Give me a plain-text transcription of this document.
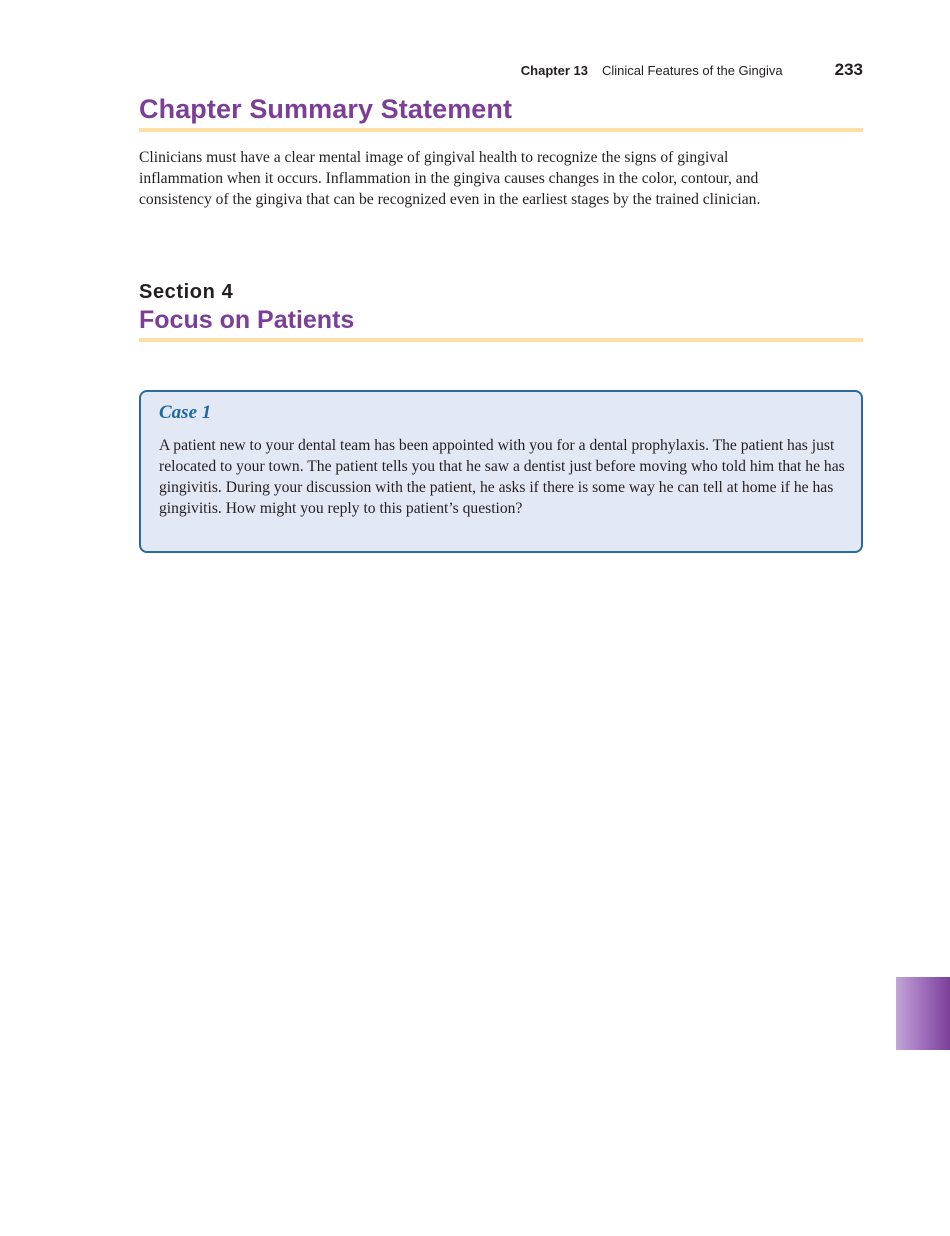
Chapter 13 Clinical Features of the Gingiva	233
Chapter Summary Statement

Clinicians must have a clear mental image of gingival health to recognize the signs of gingival inflammation when it occurs. Inflammation in the gingiva causes changes in the color, contour, and consistency of the gingiva that can be recognized even in the earliest stages by the trained clinician.

Section 4
Focus on Patients
Case 1

A patient new to your dental team has been appointed with you for a dental prophylaxis. The patient has just relocated to your town. The patient tells you that he saw a dentist just before moving who told him that he has gingivitis. During your discussion with the patient, he asks if there is some way he can tell at home if he has gingivitis. How might you reply to this patient’s question?
